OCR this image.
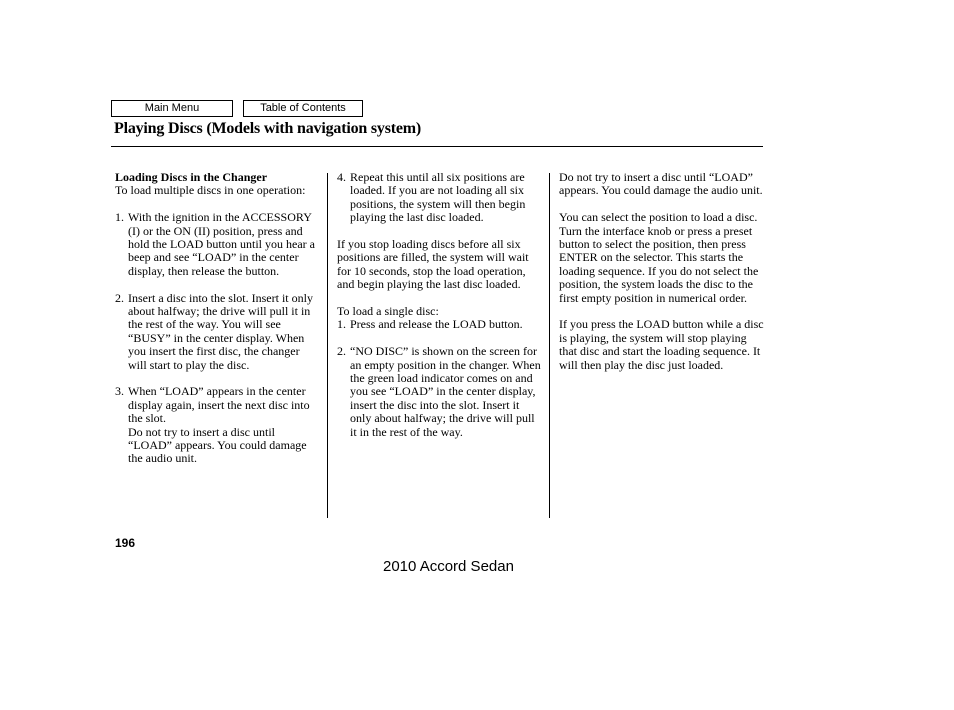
Main Menu	Table of Contents
Playing Discs (Models with navigation system)

Loading Discs in the Changer

To load multiple discs in one operation:

1. With the ignition in the ACCESSORY (I) or the ON (II) position, press and hold the LOAD button until you hear a beep and see “LOAD” in the center display, then release the button.
2. Insert a disc into the slot. Insert it only about halfway; the drive will pull it in the rest of the way. You will see “BUSY” in the center display. When you insert the first disc, the changer will start to play the disc.
3. When “LOAD” appears in the center display again, insert the next disc into the slot.

Do not try to insert a disc until “LOAD” appears. You could damage the audio unit.

4. Repeat this until all six positions are loaded. If you are not loading all six positions, the system will then begin playing the last disc loaded.

If you stop loading discs before all six positions are filled, the system will wait for 10 seconds, stop the load operation, and begin playing the last disc loaded.

To load a single disc:

1. Press and release the LOAD button.
2. “NO DISC” is shown on the screen for an empty position in the changer. When the green load indicator comes on and you see “LOAD” in the center display, insert the disc into the slot. Insert it only about halfway; the drive will pull it in the rest of the way.

Do not try to insert a disc until “LOAD” appears. You could damage the audio unit.

You can select the position to load a disc. Turn the interface knob or press a preset button to select the position, then press ENTER on the selector. This starts the loading sequence. If you do not select the position, the system loads the disc to the first empty position in numerical order.

If you press the LOAD button while a disc is playing, the system will stop playing that disc and start the loading sequence. It will then play the disc just loaded.

196
2010 Accord Sedan
